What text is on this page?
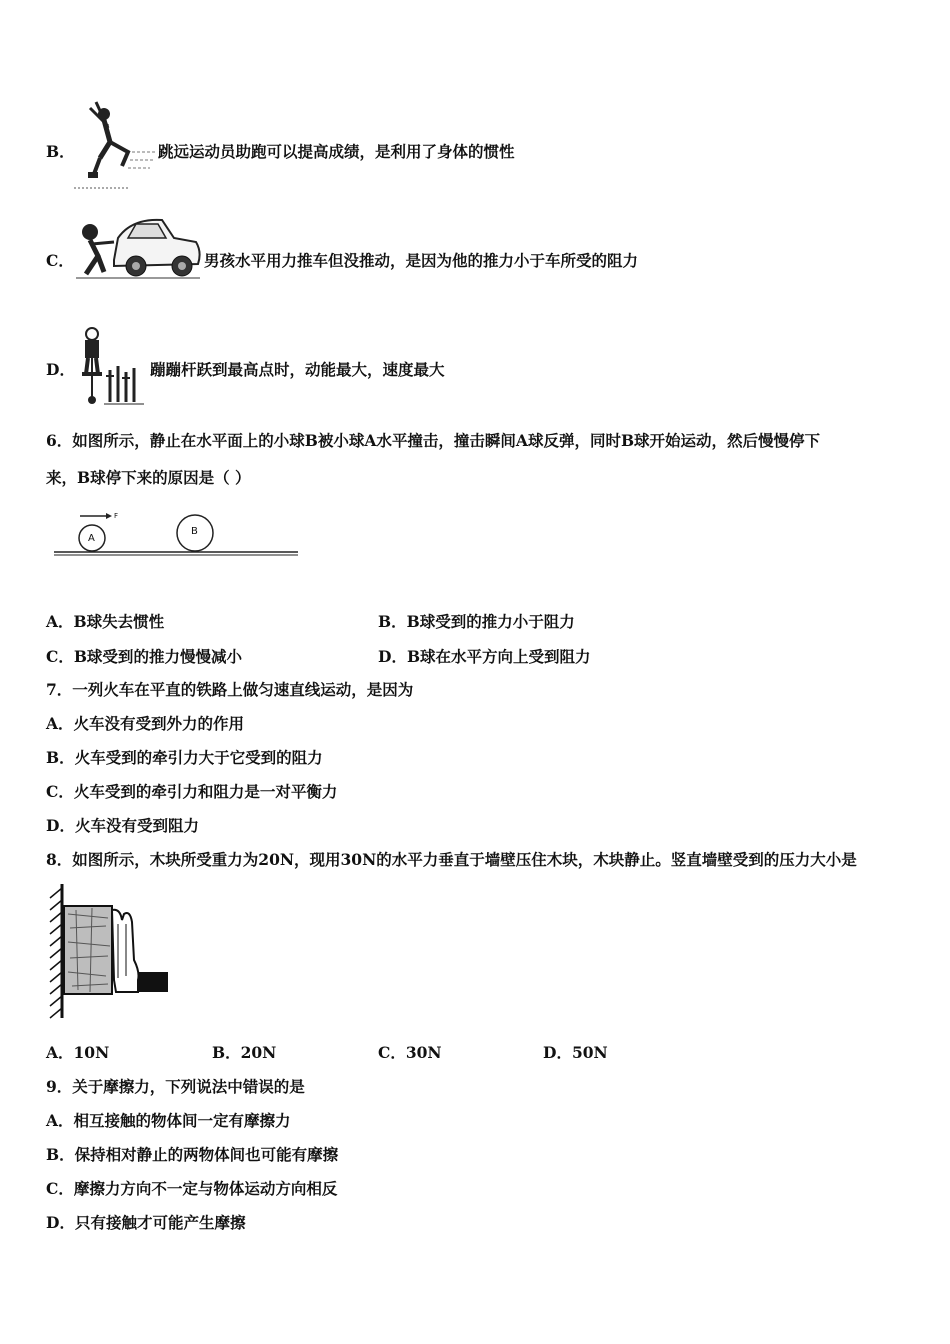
B．	跳远运动员助跑可以提高成绩，是利用了身体的惯性
C．	男孩水平用力推车但没推动，是因为他的推力小于车所受的阻力
D．	蹦蹦杆跃到最高点时，动能最大，速度最大
6．如图所示，静止在水平面上的小球B被小球A水平撞击，撞击瞬间A球反弹，同时B球开始运动，然后慢慢停下
来，B球停下来的原因是（ ）
A
B
F
A．B球失去惯性	B．B球受到的推力小于阻力
C．B球受到的推力慢慢减小	D．B球在水平方向上受到阻力
7．一列火车在平直的铁路上做匀速直线运动，是因为
A．火车没有受到外力的作用
B．火车受到的牵引力大于它受到的阻力
C．火车受到的牵引力和阻力是一对平衡力
D．火车没有受到阻力
8．如图所示，木块所受重力为20N，现用30N的水平力垂直于墙壁压住木块，木块静止。竖直墙壁受到的压力大小是
A．10N	B．20N	C．30N	D．50N
9．关于摩擦力，下列说法中错误的是
A．相互接触的物体间一定有摩擦力
B．保持相对静止的两物体间也可能有摩擦
C．摩擦力方向不一定与物体运动方向相反
D．只有接触才可能产生摩擦
